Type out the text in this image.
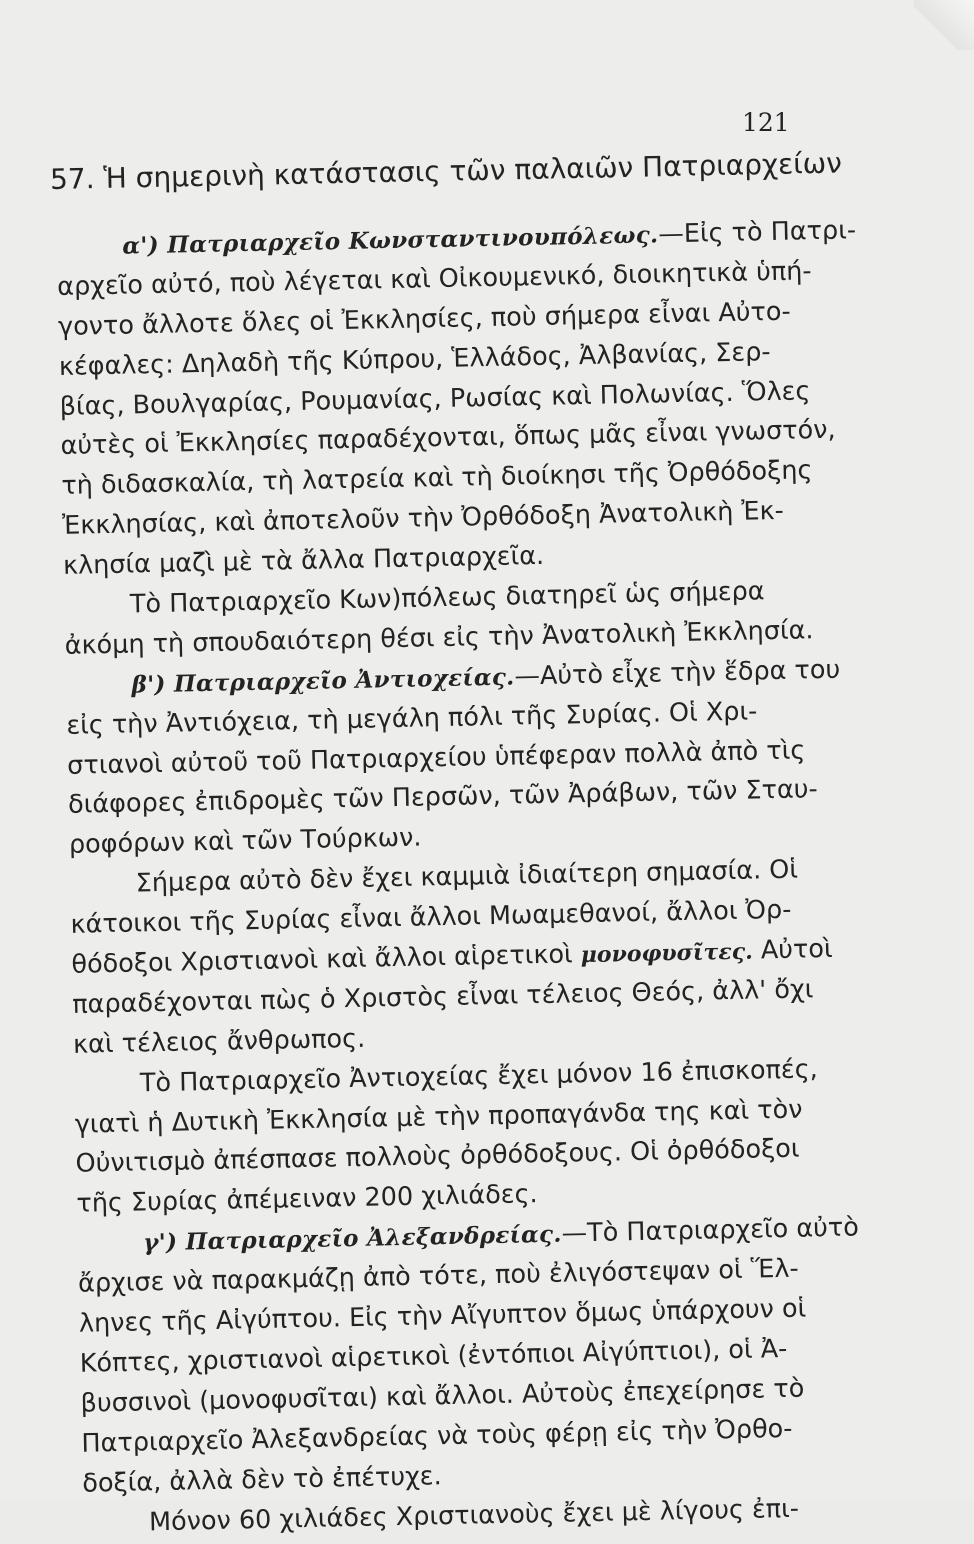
121
57. Ἡ σημερινὴ κατάστασις τῶν παλαιῶν Πατριαρχείων
α') Πατριαρχεῖο Κωνσταντινουπόλεως.—Εἰς τὸ Πατρι-
αρχεῖο αὐτό, ποὺ λέγεται καὶ Οἰκουμενικό, διοικητικὰ ὑπή-
γοντο ἄλλοτε ὅλες οἱ Ἐκκλησίες, ποὺ σήμερα εἶναι Αὐτο-
κέφαλες: Δηλαδὴ τῆς Κύπρου, Ἑλλάδος, Ἀλβανίας, Σερ-
βίας, Βουλγαρίας, Ρουμανίας, Ρωσίας καὶ Πολωνίας. Ὅλες
αὐτὲς οἱ Ἐκκλησίες παραδέχονται, ὅπως μᾶς εἶναι γνωστόν,
τὴ διδασκαλία, τὴ λατρεία καὶ τὴ διοίκησι τῆς Ὀρθόδοξης
Ἐκκλησίας, καὶ ἀποτελοῦν τὴν Ὀρθόδοξη Ἀνατολικὴ Ἐκ-
κλησία μαζὶ μὲ τὰ ἄλλα Πατριαρχεῖα.
Τὸ Πατριαρχεῖο Κων)πόλεως διατηρεῖ ὡς σήμερα
ἀκόμη τὴ σπουδαιότερη θέσι εἰς τὴν Ἀνατολικὴ Ἐκκλησία.
β') Πατριαρχεῖο Ἀντιοχείας.—Αὐτὸ εἶχε τὴν ἕδρα του
εἰς τὴν Ἀντιόχεια, τὴ μεγάλη πόλι τῆς Συρίας. Οἱ Χρι-
στιανοὶ αὐτοῦ τοῦ Πατριαρχείου ὑπέφεραν πολλὰ ἀπὸ τὶς
διάφορες ἐπιδρομὲς τῶν Περσῶν, τῶν Ἀράβων, τῶν Σταυ-
ροφόρων καὶ τῶν Τούρκων.
Σήμερα αὐτὸ δὲν ἔχει καμμιὰ ἰδιαίτερη σημασία. Οἱ
κάτοικοι τῆς Συρίας εἶναι ἄλλοι Μωαμεθανοί, ἄλλοι Ὀρ-
θόδοξοι Χριστιανοὶ καὶ ἄλλοι αἱρετικοὶ μονοφυσῖτες. Αὐτοὶ
παραδέχονται πὼς ὁ Χριστὸς εἶναι τέλειος Θεός, ἀλλ' ὄχι
καὶ τέλειος ἄνθρωπος.
Τὸ Πατριαρχεῖο Ἀντιοχείας ἔχει μόνον 16 ἐπισκοπές,
γιατὶ ἡ Δυτικὴ Ἐκκλησία μὲ τὴν προπαγάνδα της καὶ τὸν
Οὐνιτισμὸ ἀπέσπασε πολλοὺς ὀρθόδοξους. Οἱ ὀρθόδοξοι
τῆς Συρίας ἀπέμειναν 200 χιλιάδες.
γ') Πατριαρχεῖο Ἀλεξανδρείας.—Τὸ Πατριαρχεῖο αὐτὸ
ἄρχισε νὰ παρακμάζῃ ἀπὸ τότε, ποὺ ἐλιγόστεψαν οἱ Ἕλ-
ληνες τῆς Αἰγύπτου. Εἰς τὴν Αἴγυπτον ὅμως ὑπάρχουν οἱ
Κόπτες, χριστιανοὶ αἱρετικοὶ (ἐντόπιοι Αἰγύπτιοι), οἱ Ἀ-
βυσσινοὶ (μονοφυσῖται) καὶ ἄλλοι. Αὐτοὺς ἐπεχείρησε τὸ
Πατριαρχεῖο Ἀλεξανδρείας νὰ τοὺς φέρῃ εἰς τὴν Ὀρθο-
δοξία, ἀλλὰ δὲν τὸ ἐπέτυχε.
Μόνον 60 χιλιάδες Χριστιανοὺς ἔχει μὲ λίγους ἐπι-
